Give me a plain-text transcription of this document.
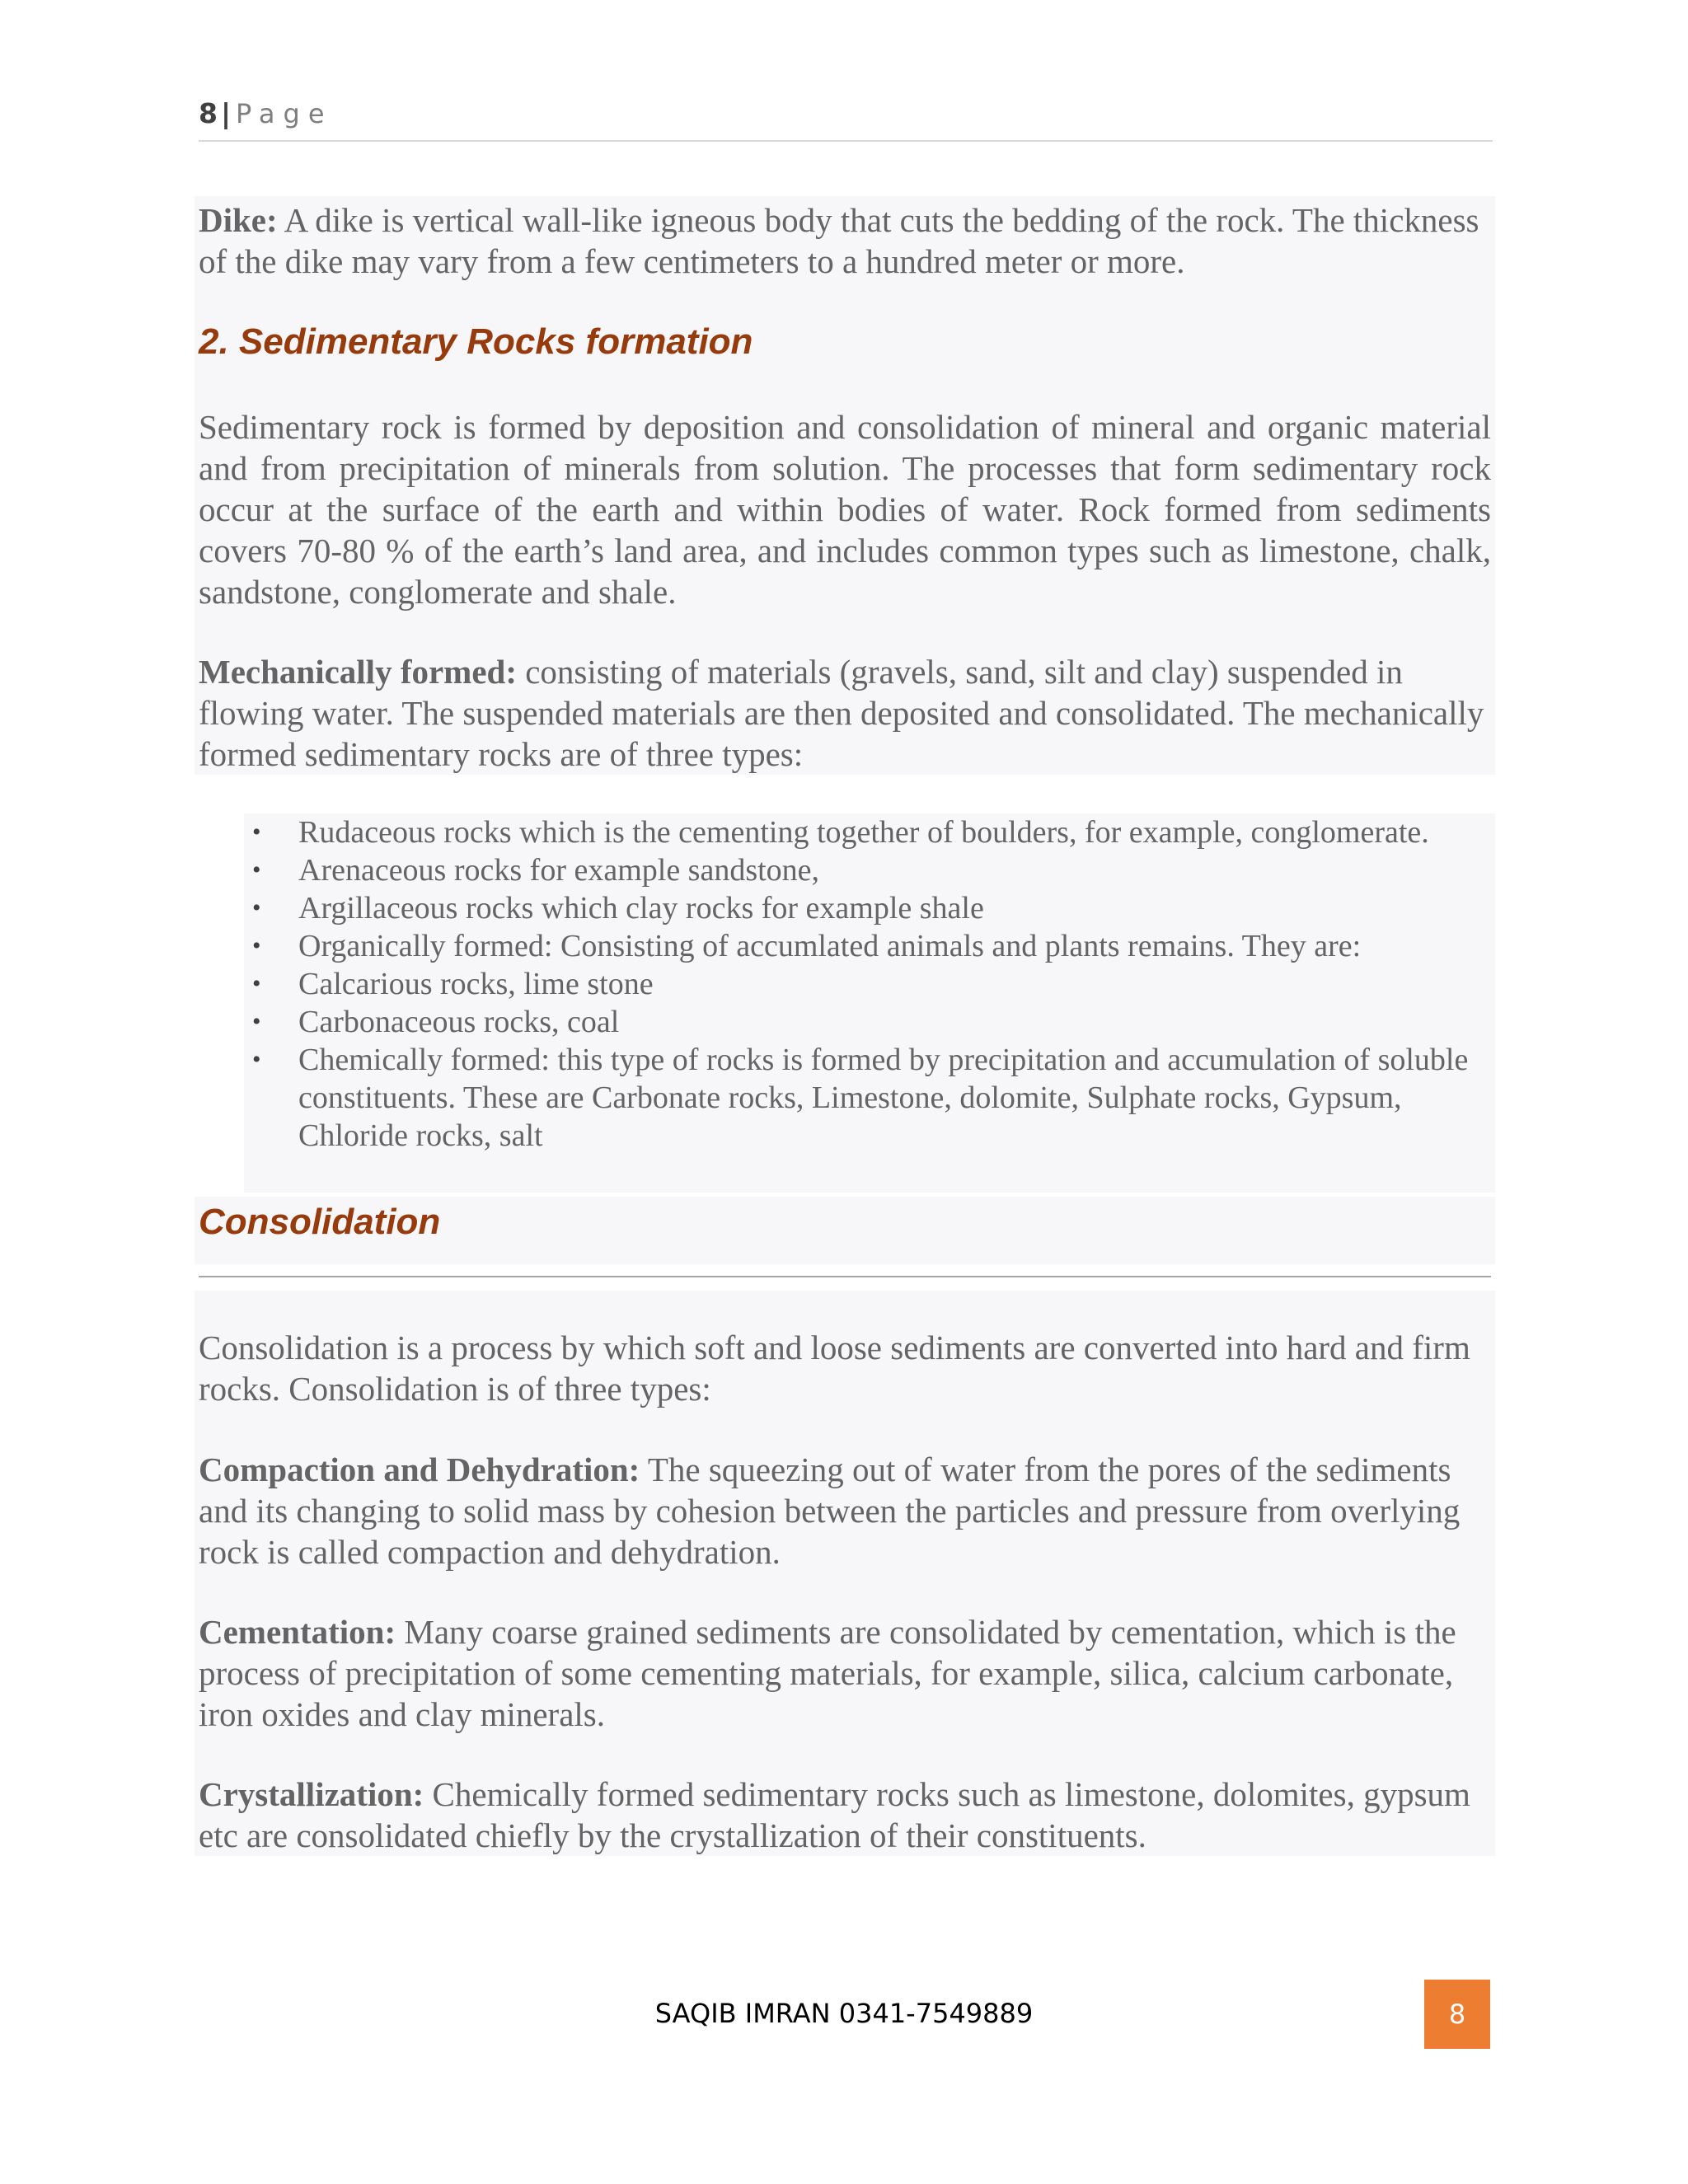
8 | Page

Dike: A dike is vertical wall-like igneous body that cuts the bedding of the rock. The thickness of the dike may vary from a few centimeters to a hundred meter or more.

2. Sedimentary Rocks formation

Sedimentary rock is formed by deposition and consolidation of mineral and organic material and from precipitation of minerals from solution. The processes that form sedimentary rock occur at the surface of the earth and within bodies of water. Rock formed from sediments covers 70-80 % of the earth’s land area, and includes common types such as limestone, chalk, sandstone, conglomerate and shale.

Mechanically formed: consisting of materials (gravels, sand, silt and clay) suspended in flowing water. The suspended materials are then deposited and consolidated. The mechanically formed sedimentary rocks are of three types:

• Rudaceous rocks which is the cementing together of boulders, for example, conglomerate.
• Arenaceous rocks for example sandstone,
• Argillaceous rocks which clay rocks for example shale
• Organically formed: Consisting of accumlated animals and plants remains. They are:
• Calcarious rocks, lime stone
• Carbonaceous rocks, coal
• Chemically formed: this type of rocks is formed by precipitation and accumulation of soluble constituents. These are Carbonate rocks, Limestone, dolomite, Sulphate rocks, Gypsum, Chloride rocks, salt
Consolidation

Consolidation is a process by which soft and loose sediments are converted into hard and firm rocks. Consolidation is of three types:

Compaction and Dehydration: The squeezing out of water from the pores of the sediments and its changing to solid mass by cohesion between the particles and pressure from overlying rock is called compaction and dehydration.

Cementation: Many coarse grained sediments are consolidated by cementation, which is the process of precipitation of some cementing materials, for example, silica, calcium carbonate, iron oxides and clay minerals.

Crystallization: Chemically formed sedimentary rocks such as limestone, dolomites, gypsum etc are consolidated chiefly by the crystallization of their constituents.

SAQIB IMRAN 0341-7549889	8
